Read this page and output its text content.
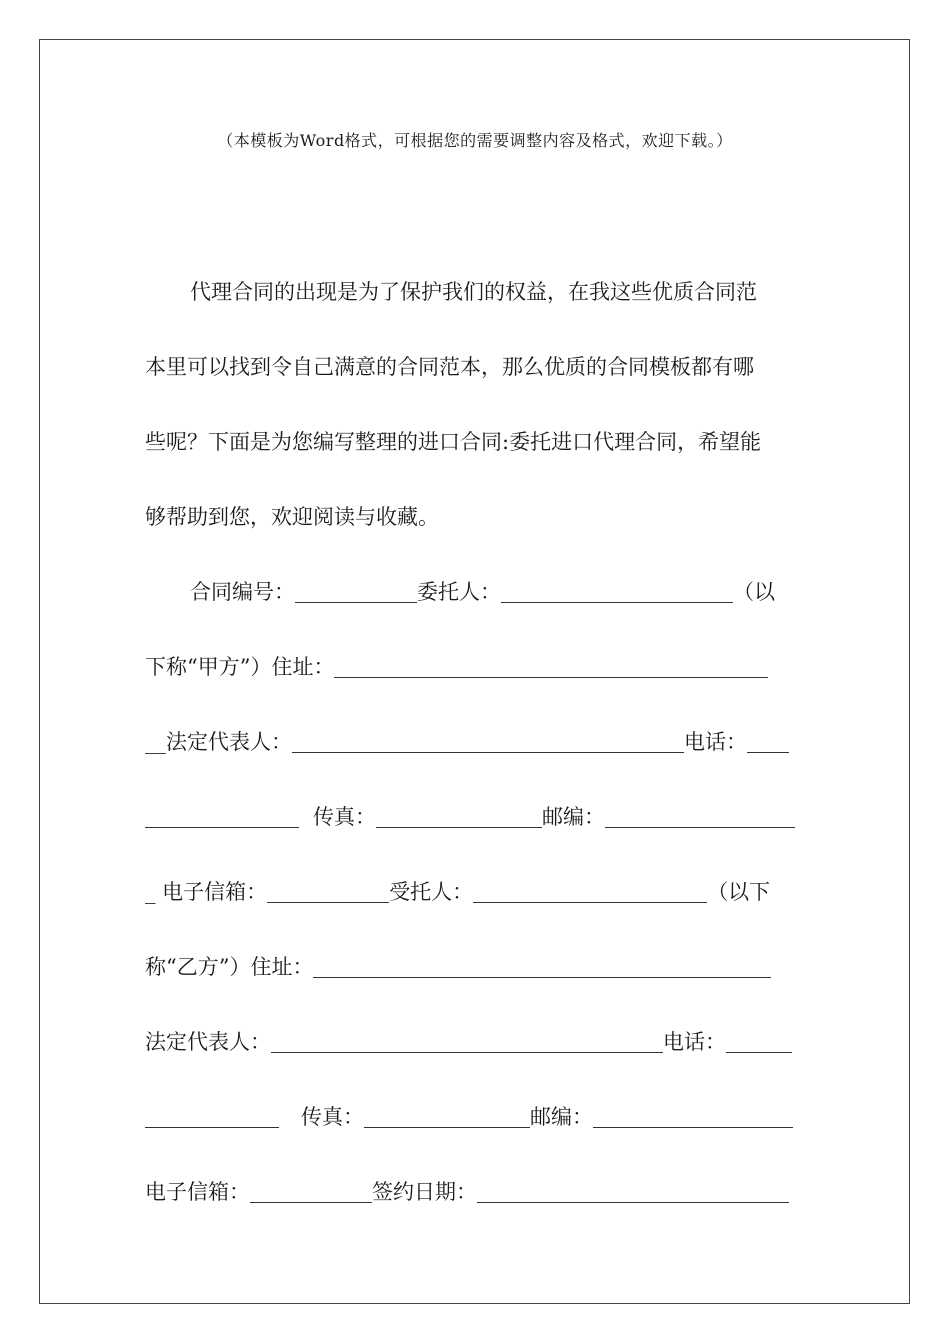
（本模板为Word格式，可根据您的需要调整内容及格式，欢迎下载。）
代理合同的出现是为了保护我们的权益，在我这些优质合同范
本里可以找到令自己满意的合同范本，那么优质的合同模板都有哪
些呢？下面是为您编写整理的进口合同:委托进口代理合同，希望能
够帮助到您，欢迎阅读与收藏。
合同编号：	委托人：	（以
下称“甲方”）住址：
__法定代表人：	电话：
传真：	邮编：
_ 电子信箱：	受托人：	（以下
称“乙方”）住址：
法定代表人：	电话：
传真：	邮编：
电子信箱：	签约日期：
